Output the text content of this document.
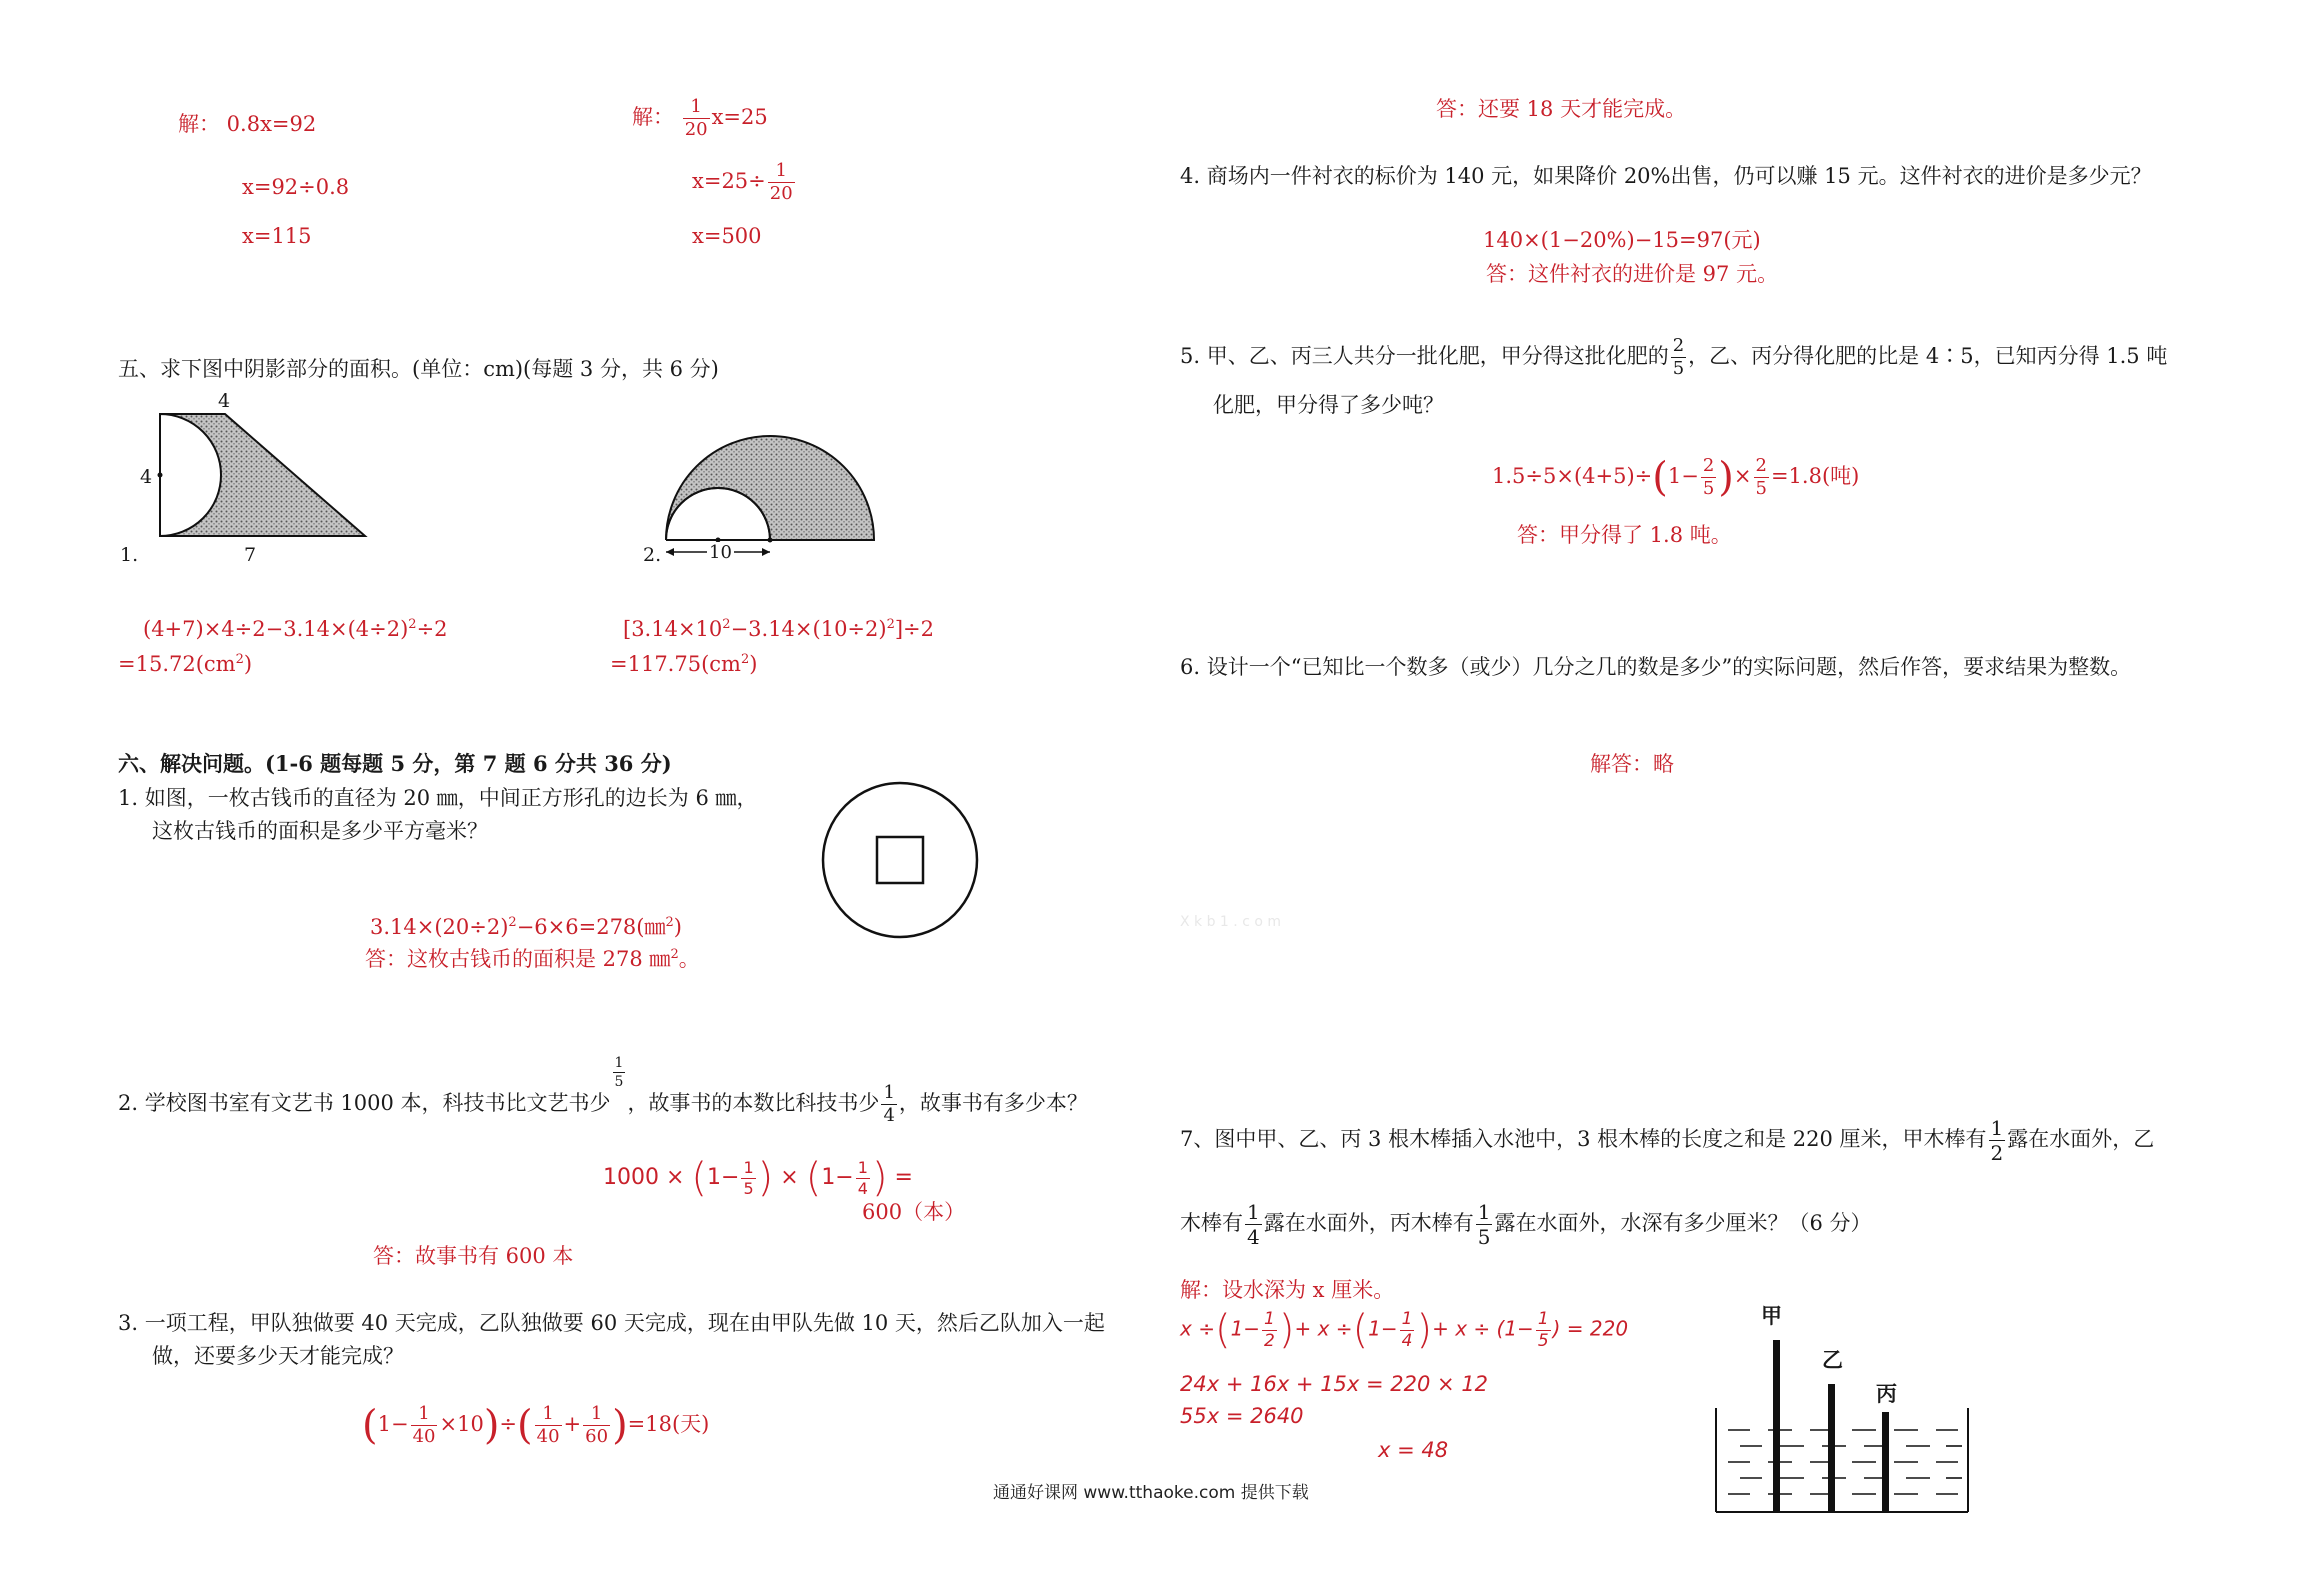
解： 0.8x=92
x=92÷0.8
x=115
解： $\frac{1}{20} x=25$
$x=25\div \frac{1}{20}$
x=500
五、求下图中阴影部分的面积。(单位：cm)(每题 3 分，共 6 分)
4
4
7
1.	10
2.
$(4+7)\times 4\div 2-3.14\times(4\div 2)^2\div 2$
$=15.72(cm^2)$
$[3.14\times 10^2-3.14\times(10\div 2)^2]\div 2$
$=117.75(cm^2)$
六、解决问题。(1-6 题每题 5 分，第 7 题 6 分共 36 分)
1. 如图，一枚古钱币的直径为 20 ㎜，中间正方形孔的边长为 6 ㎜，
这枚古钱币的面积是多少平方毫米？
$3.14\times(20\div 2)^2-6\times 6=278(㎜^2)$
答：这枚古钱币的面积是 278 ㎜$^2$。
2. 学校图书室有文艺书 1000 本，科技书比文艺书少
$\frac{1}{5}$
，故事书的本数比科技书少 $\frac{1}{4}$ ，故事书有多少本？
$1000 \times (1- \frac{1}{5}$ ) × ($1- \frac{1}{4}$ ) =
600（本）
答：故事书有 600 本
3. 一项工程，甲队独做要 40 天完成，乙队独做要 60 天完成，现在由甲队先做 10 天，然后乙队加入一起
做，还要多少天才能完成？
$(1- \frac{1}{40} \times 10)\div( \frac{1}{40} + \frac{1}{60} )=18$(天)
答：还要 18 天才能完成。
4. 商场内一件衬衣的标价为 140 元，如果降价 20%出售，仍可以赚 15 元。这件衬衣的进价是多少元？
140×(1−20%)−15=97(元)
答：这件衬衣的进价是 97 元。
5. 甲、乙、丙三人共分一批化肥，甲分得这批化肥的 $\frac{2}{5}$ ，乙、丙分得化肥的比是 4∶5，已知丙分得 1.5 吨
化肥，甲分得了多少吨？
$1.5\div 5\times(4+5)\div(1- \frac{2}{5}$ )× $\frac{2}{5} =1.8$(吨)
答：甲分得了 1.8 吨。
6. 设计一个“已知比一个数多（或少）几分之几的数是多少”的实际问题，然后作答，要求结果为整数。
解答：略
X k b 1 . c o m
7、图中甲、乙、丙 3 根木棒插入水池中，3 根木棒的长度之和是 220 厘米，甲木棒有 $\frac{1}{2}$ 露在水面外，乙
木棒有 $\frac{1}{4}$ 露在水面外，丙木棒有 $\frac{1}{5}$ 露在水面外，水深有多少厘米？（6 分）
解：设水深为 x 厘米。
$x \div(1- \frac{1}{2}$ )+ $x \div(1- \frac{1}{4}$ )+ $x \div (1- \frac{1}{5}$ ) = 220
24x + 16x + 15x = 220 × 12
55x = 2640
x = 48
甲
乙
丙
通通好课网 www.tthaoke.com 提供下载
